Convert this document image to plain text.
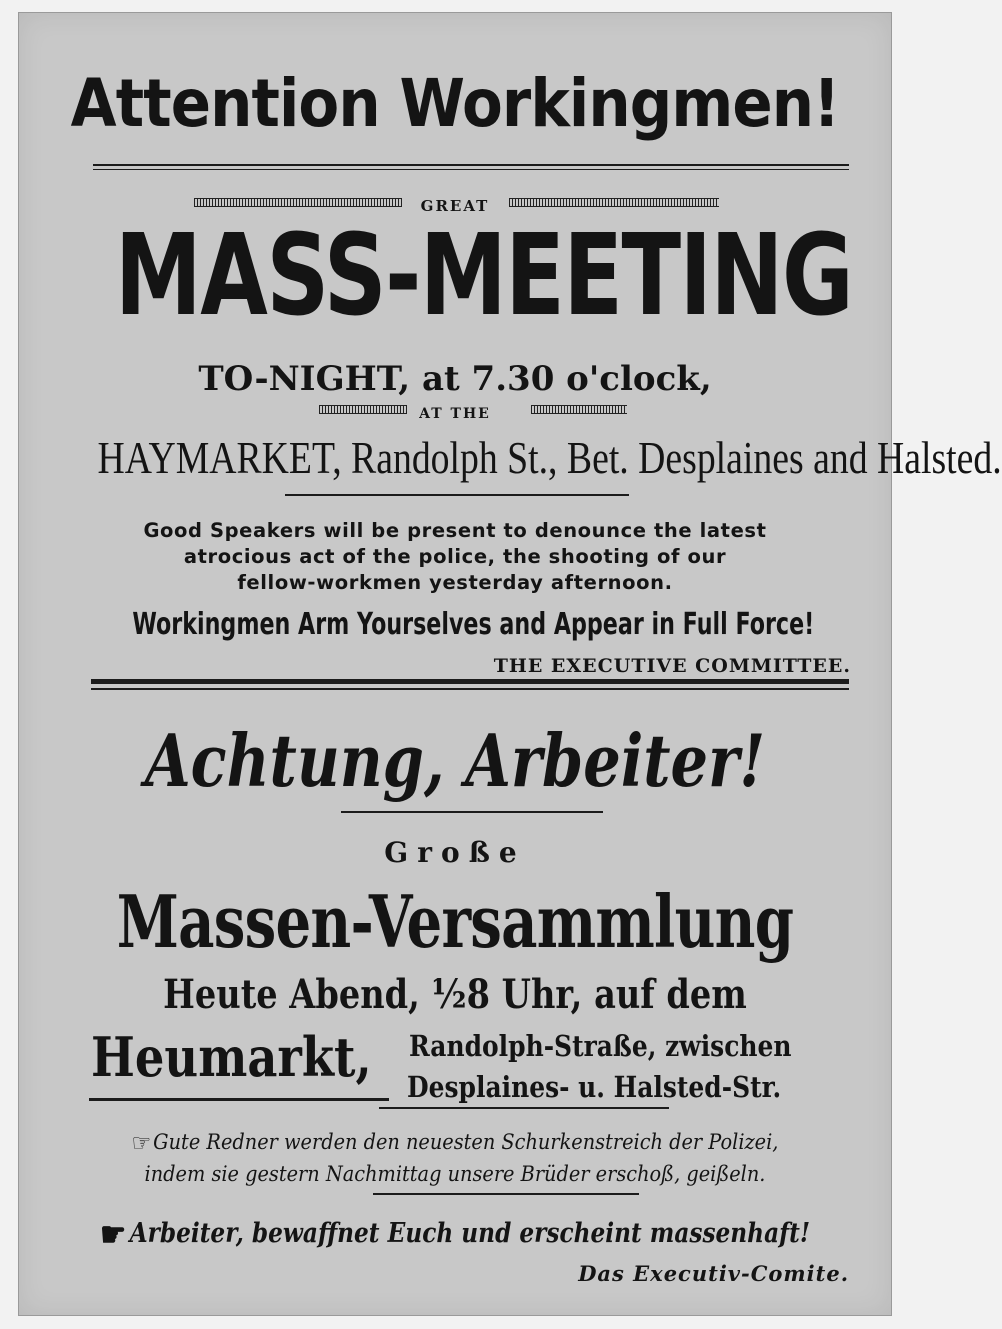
Attention Workingmen!
GREAT
MASS-MEETING
TO-NIGHT, at 7.30 o'clock,
AT THE
HAYMARKET, Randolph St., Bet. Desplaines and Halsted.
Good Speakers will be present to denounce the latest
atrocious act of the police, the shooting of our
fellow-workmen yesterday afternoon.
Workingmen Arm Yourselves and Appear in Full Force!
THE EXECUTIVE COMMITTEE.
Achtung, Arbeiter!
Große
Massen-Versammlung
Heute Abend, ½8 Uhr, auf dem
Heumarkt, Randolph-Straße, zwischen
Desplaines- u. Halsted-Str.
☞Gute Redner werden den neuesten Schurkenstreich der Polizei,
indem sie gestern Nachmittag unsere Brüder erschoß, geißeln.
☛ Arbeiter, bewaffnet Euch und erscheint massenhaft!
Das Executiv-Comite.
